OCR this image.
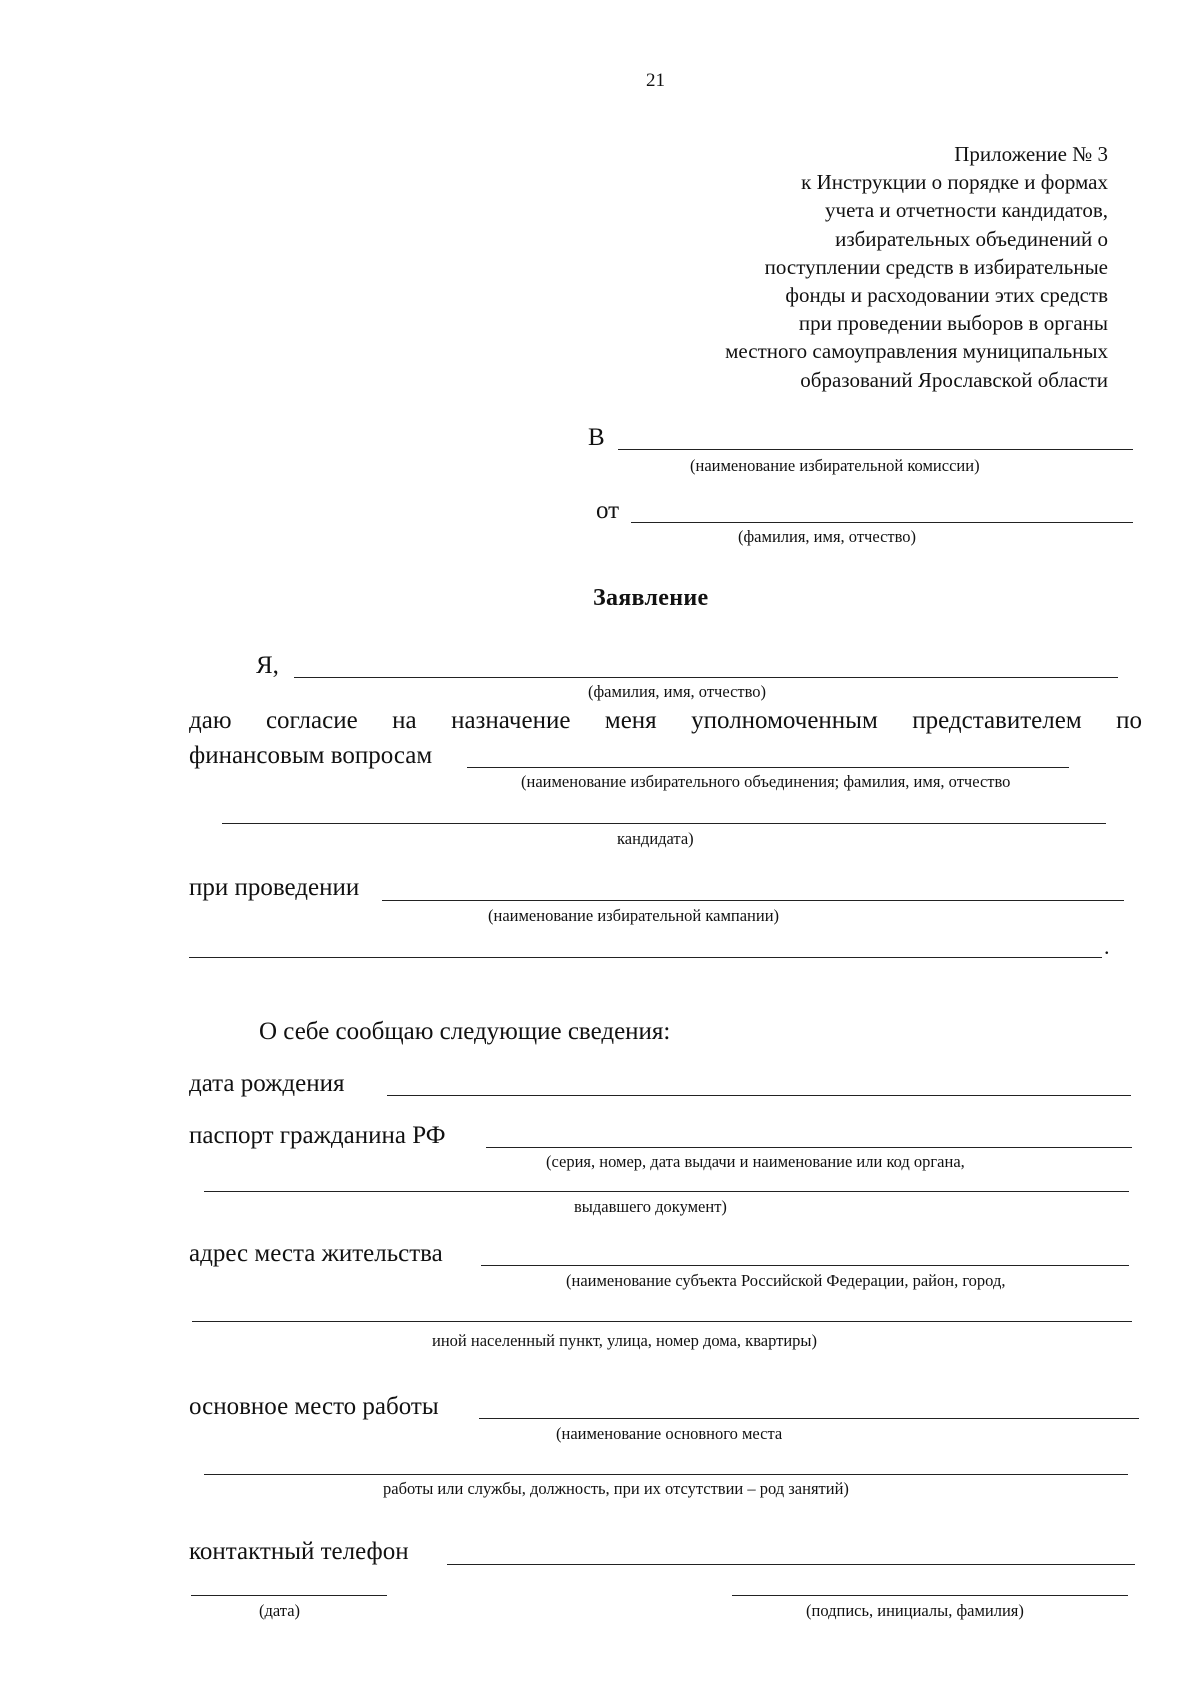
21
Приложение № 3
к Инструкции о порядке и формах
учета и отчетности кандидатов,
избирательных объединений о
поступлении средств в избирательные
фонды и расходовании этих средств
при проведении выборов в органы
местного самоуправления муниципальных
образований Ярославской области
В
(наименование избирательной комиссии)
от
(фамилия, имя, отчество)
Заявление
Я,
(фамилия, имя, отчество)
даю согласие на назначение меня уполномоченным представителем по
финансовым вопросам
(наименование избирательного объединения; фамилия, имя, отчество
кандидата)
при проведении
(наименование избирательной кампании)
.
О себе сообщаю следующие сведения:
дата рождения
паспорт гражданина РФ
(серия, номер, дата выдачи и наименование или код органа,
выдавшего документ)
адрес места жительства
(наименование субъекта Российской Федерации, район, город,
иной населенный пункт, улица, номер дома, квартиры)
основное место работы
(наименование основного места
работы или службы, должность, при их отсутствии – род занятий)
контактный телефон
(дата)	(подпись, инициалы, фамилия)
